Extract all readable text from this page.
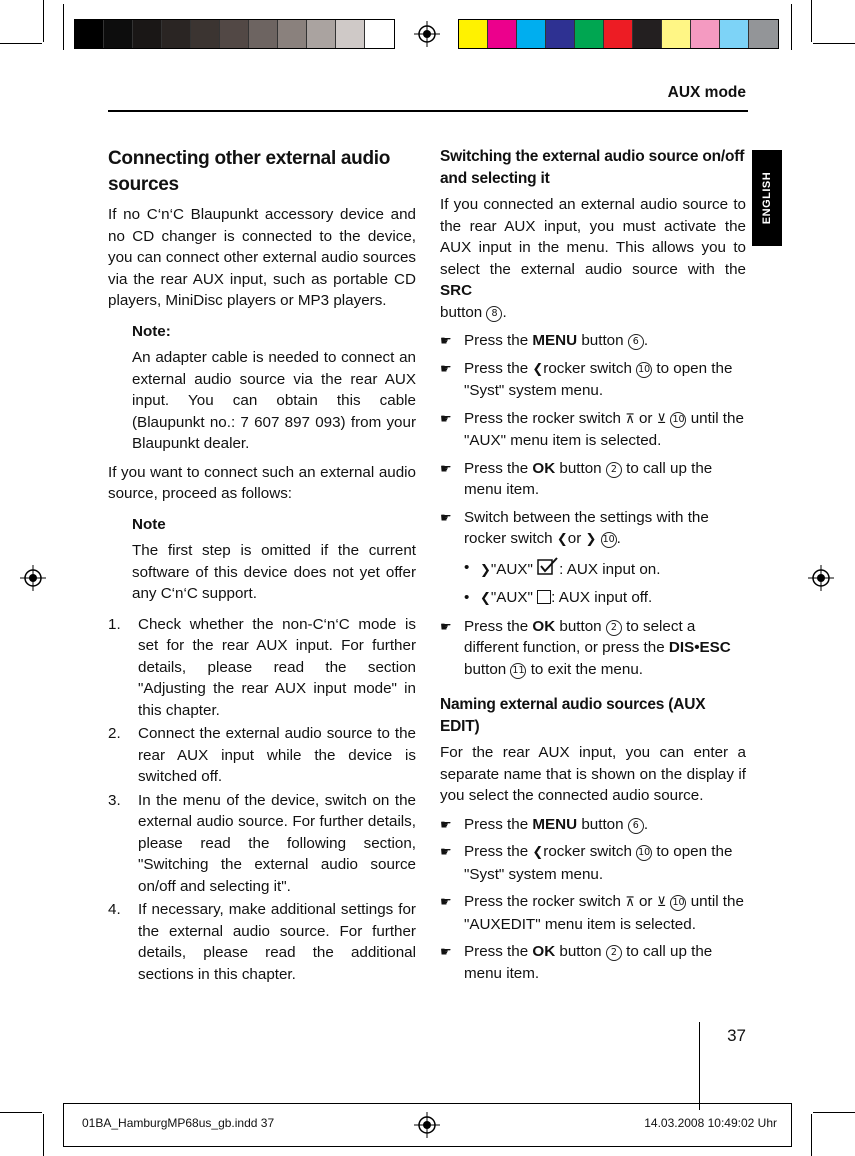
AUX mode
ENGLISH
Connecting other external audio sources

If no C‘n‘C Blaupunkt accessory device and no CD changer is connected to the device, you can connect other external audio sources via the rear AUX input, such as portable CD players, MiniDisc players or MP3 players.

Note:

An adapter cable is needed to connect an external audio source via the rear AUX input. You can obtain this cable (Blaupunkt no.: 7 607 897 093) from your Blaupunkt dealer.

If you want to connect such an external audio source, proceed as follows:

Note

The first step is omitted if the current software of this device does not yet offer any C‘n‘C support.

1. Check whether the non-C‘n‘C mode is set for the rear AUX input. For further details, please read the section "Adjusting the rear AUX input mode" in this chapter.
2. Connect the external audio source to the rear AUX input while the device is switched off.
3. In the menu of the device, switch on the external audio source. For further details, please read the following section, "Switching the external audio source on/off and selecting it".
4. If necessary, make additional settings for the external audio source. For further details, please read the additional sections in this chapter.
Switching the external audio source on/off and selecting it

If you connected an external audio source to the rear AUX input, you must activate the AUX input in the menu. This allows you to select the external audio source with the SRC
button 8 .

☛ Press the MENU button 6 .
☛ Press the ❮rocker switch 10 to open the "Syst" system menu.
☛ Press the rocker switch ⊼ or ⊻ 10 until the "AUX" menu item is selected.
☛ Press the OK button 2 to call up the menu item.
☛ Switch between the settings with the rocker switch ❮or ❯ 10 .
• ❯"AUX" : AUX input on.
• ❮"AUX" : AUX input off.
☛ Press the OK button 2 to select a different function, or press the DIS•ESC button 11 to exit the menu.
Naming external audio sources (AUX EDIT)

For the rear AUX input, you can enter a separate name that is shown on the display if you select the connected audio source.

☛ Press the MENU button 6 .
☛ Press the ❮rocker switch 10 to open the "Syst" system menu.
☛ Press the rocker switch ⊼ or ⊻ 10 until the "AUXEDIT" menu item is selected.
☛ Press the OK button 2 to call up the menu item.
37
01BA_HamburgMP68us_gb.indd 37	14.03.2008 10:49:02 Uhr
